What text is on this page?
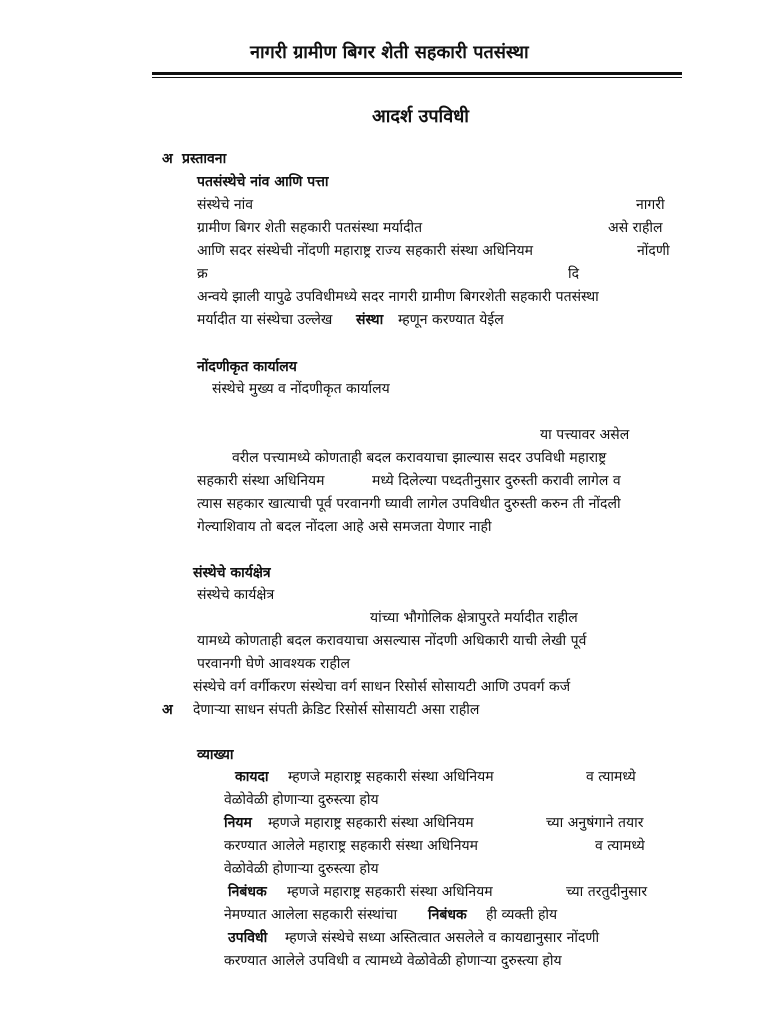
नागरी ग्रामीण बिगर शेती सहकारी पतसंस्था
आदर्श उपविधी
अ प्रस्तावना
पतसंस्थेचे नांव आणि पत्ता
संस्थेचे नांव	नागरी
ग्रामीण बिगर शेती सहकारी पतसंस्था मर्यादीत	असे राहील
आणि सदर संस्थेची नोंदणी महाराष्ट्र राज्य सहकारी संस्था अधिनियम	नोंदणी
क्र	दि
अन्वये झाली यापुढे उपविधीमध्ये सदर नागरी ग्रामीण बिगरशेती सहकारी पतसंस्था
मर्यादीत या संस्थेचा उल्लेख संस्था म्हणून करण्यात येईल
नोंदणीकृत कार्यालय
संस्थेचे मुख्य व नोंदणीकृत कार्यालय
या पत्त्यावर असेल
वरील पत्त्यामध्ये कोणताही बदल करावयाचा झाल्यास सदर उपविधी महाराष्ट्र
सहकारी संस्था अधिनियम	मध्ये दिलेल्या पध्दतीनुसार दुरुस्ती करावी लागेल व
त्यास सहकार खात्याची पूर्व परवानगी घ्यावी लागेल उपविधीत दुरुस्ती करुन ती नोंदली
गेल्याशिवाय तो बदल नोंदला आहे असे समजता येणार नाही
संस्थेचे कार्यक्षेत्र
संस्थेचे कार्यक्षेत्र
यांच्या भौगोलिक क्षेत्रापुरते मर्यादीत राहील
यामध्ये कोणताही बदल करावयाचा असल्यास नोंदणी अधिकारी याची लेखी पूर्व
परवानगी घेणे आवश्यक राहील
संस्थेचे वर्ग वर्गीकरण संस्थेचा वर्ग साधन रिसोर्स सोसायटी आणि उपवर्ग कर्ज
अ देणाऱ्या साधन संपती क्रेडिट रिसोर्स सोसायटी असा राहील
व्याख्या
कायदा म्हणजे महाराष्ट्र सहकारी संस्था अधिनियम	व त्यामध्ये
वेळोवेळी होणाऱ्या दुरुस्त्या होय
नियम म्हणजे महाराष्ट्र सहकारी संस्था अधिनियम	च्या अनुषंगाने तयार
करण्यात आलेले महाराष्ट्र सहकारी संस्था अधिनियम	व त्यामध्ये
वेळोवेळी होणाऱ्या दुरुस्त्या होय
निबंधक म्हणजे महाराष्ट्र सहकारी संस्था अधिनियम	च्या तरतुदीनुसार
नेमण्यात आलेला सहकारी संस्थांचा निबंधक ही व्यक्ती होय
उपविधी म्हणजे संस्थेचे सध्या अस्तित्वात असलेले व कायद्यानुसार नोंदणी
करण्यात आलेले उपविधी व त्यामध्ये वेळोवेळी होणाऱ्या दुरुस्त्या होय
